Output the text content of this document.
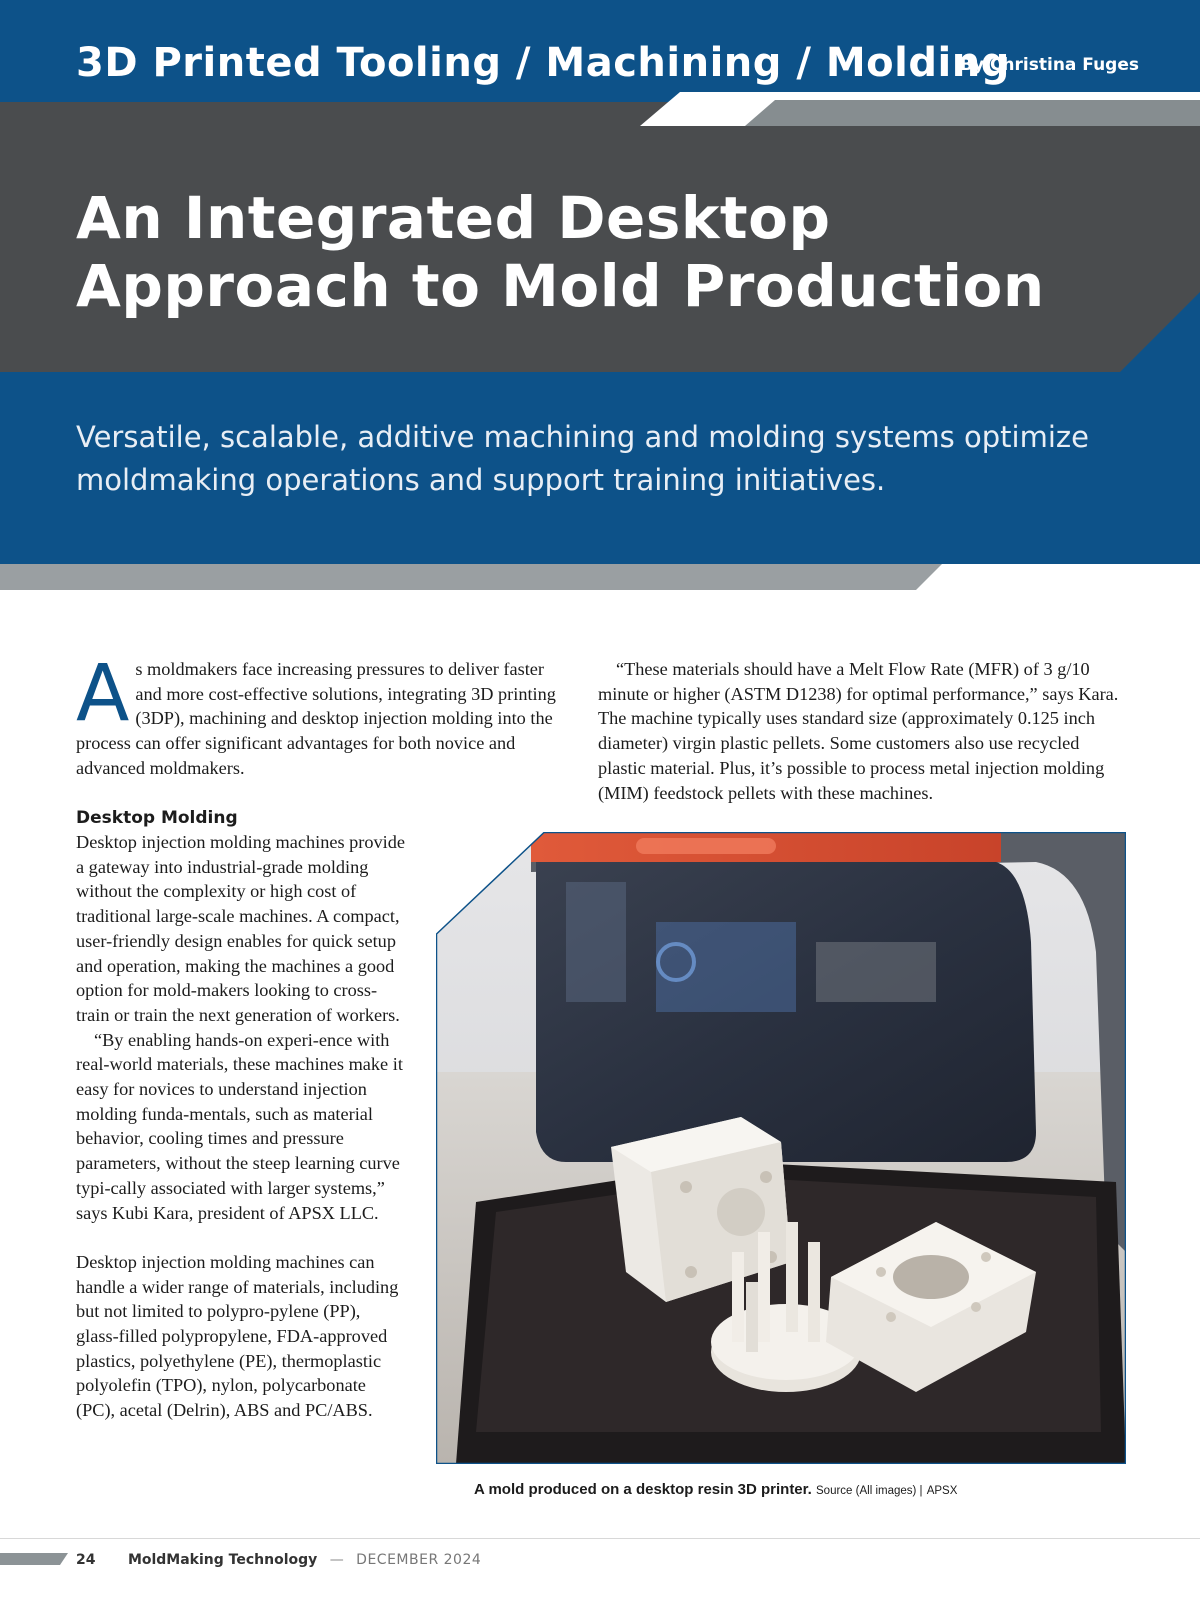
3D Printed Tooling / Machining / Molding
By Christina Fuges
An Integrated Desktop Approach to Mold Production
Versatile, scalable, additive machining and molding systems optimize moldmaking operations and support training initiatives.

A s moldmakers face increasing pressures to deliver faster and more cost-effective solutions, integrating 3D printing (3DP), machining and desktop injection molding into the process can offer significant advantages for both novice and advanced moldmakers.

Desktop Molding

Desktop injection molding machines provide a gateway into industrial-grade molding without the complexity or high cost of traditional large-scale machines. A compact, user-friendly design enables for quick setup and operation, making the machines a good option for mold-makers looking to cross-train or train the next generation of workers.

“By enabling hands-on experi-ence with real-world materials, these machines make it easy for novices to understand injection molding funda-mentals, such as material behavior, cooling times and pressure parameters, without the steep learning curve typi-cally associated with larger systems,” says Kubi Kara, president of APSX LLC.

Desktop injection molding machines can handle a wider range of materials, including but not limited to polypro-pylene (PP), glass-filled polypropylene, FDA-approved plastics, polyethylene (PE), thermoplastic polyolefin (TPO), nylon, polycarbonate (PC), acetal (Delrin), ABS and PC/ABS.

“These materials should have a Melt Flow Rate (MFR) of 3 g/10 minute or higher (ASTM D1238) for optimal performance,” says Kara. The machine typically uses standard size (approximately 0.125 inch diameter) virgin plastic pellets. Some customers also use recycled plastic material. Plus, it’s possible to process metal injection molding (MIM) feedstock pellets with these machines.

A mold produced on a desktop resin 3D printer. Source (All images) | APSX
24 MoldMaking Technology — DECEMBER 2024
